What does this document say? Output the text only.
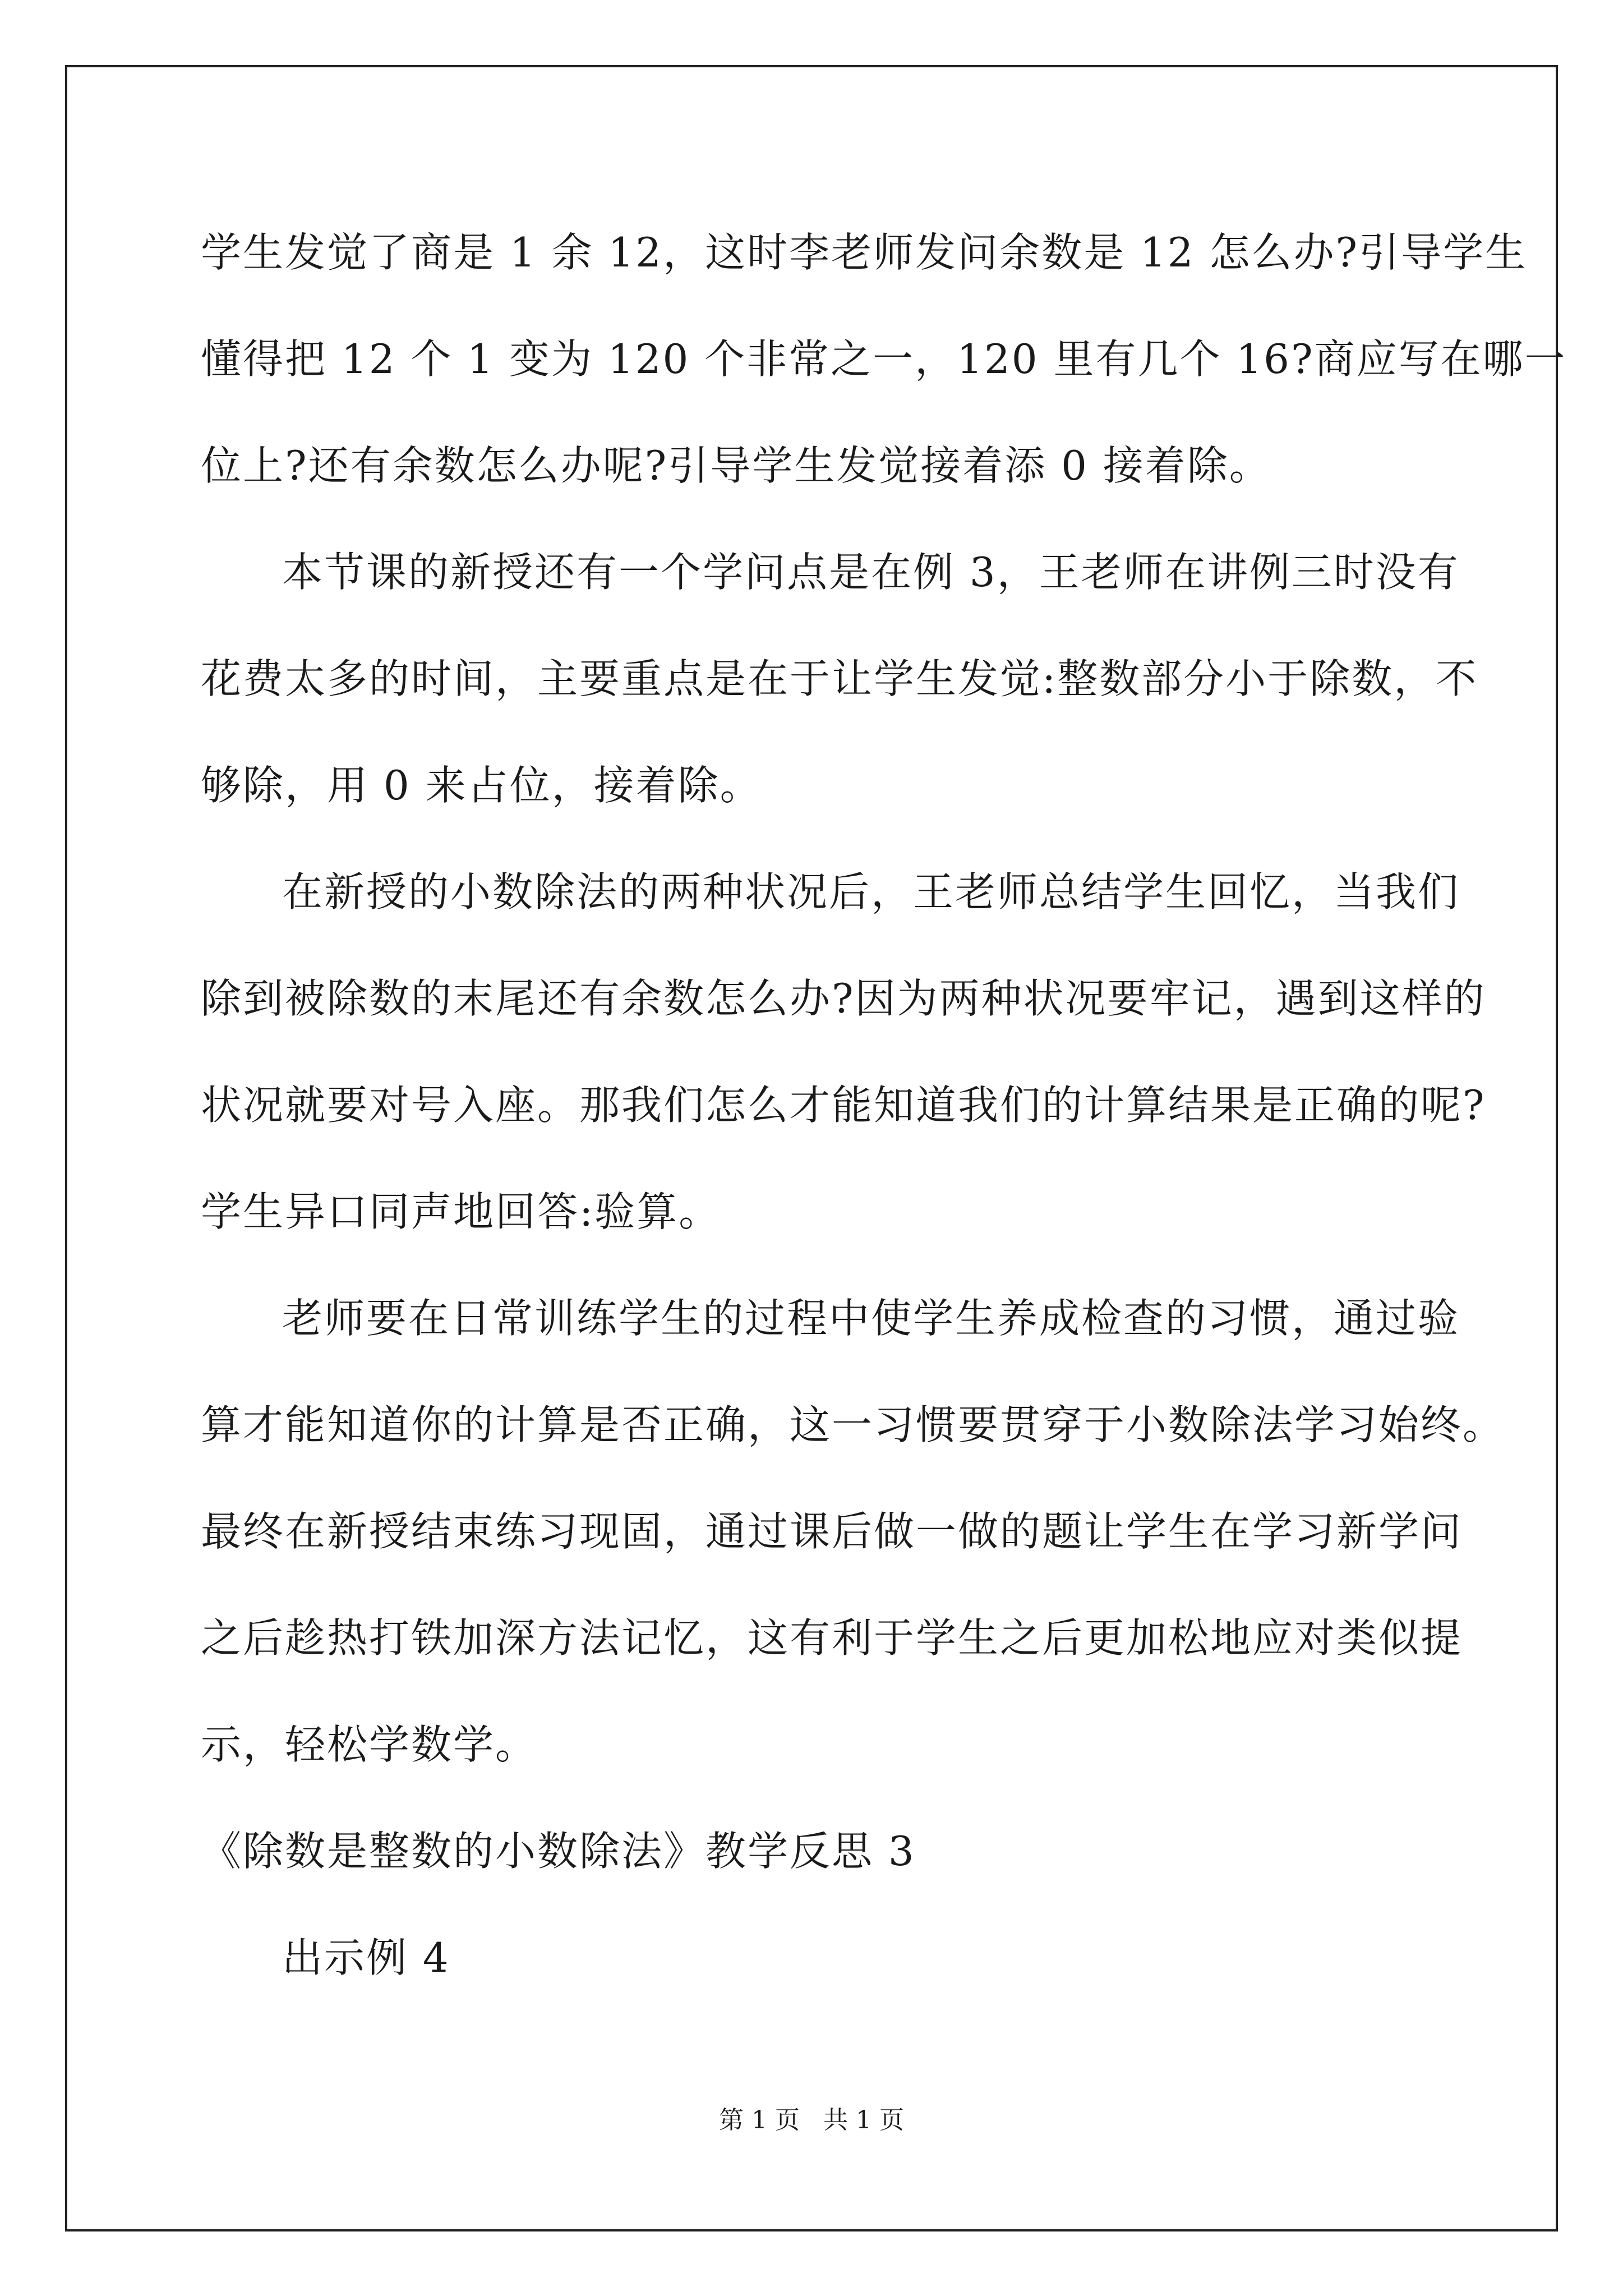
学生发觉了商是 1 余 12，这时李老师发问余数是 12 怎么办?引导学生
懂得把 12 个 1 变为 120 个非常之一，120 里有几个 16?商应写在哪一
位上?还有余数怎么办呢?引导学生发觉接着添 0 接着除。
本节课的新授还有一个学问点是在例 3，王老师在讲例三时没有
花费太多的时间，主要重点是在于让学生发觉:整数部分小于除数，不
够除，用 0 来占位，接着除。
在新授的小数除法的两种状况后，王老师总结学生回忆，当我们
除到被除数的末尾还有余数怎么办?因为两种状况要牢记，遇到这样的
状况就要对号入座。那我们怎么才能知道我们的计算结果是正确的呢?
学生异口同声地回答:验算。
老师要在日常训练学生的过程中使学生养成检查的习惯，通过验
算才能知道你的计算是否正确，这一习惯要贯穿于小数除法学习始终。
最终在新授结束练习现固，通过课后做一做的题让学生在学习新学问
之后趁热打铁加深方法记忆，这有利于学生之后更加松地应对类似提
示，轻松学数学。
《除数是整数的小数除法》教学反思 3
出示例 4
第 1 页   共 1 页
